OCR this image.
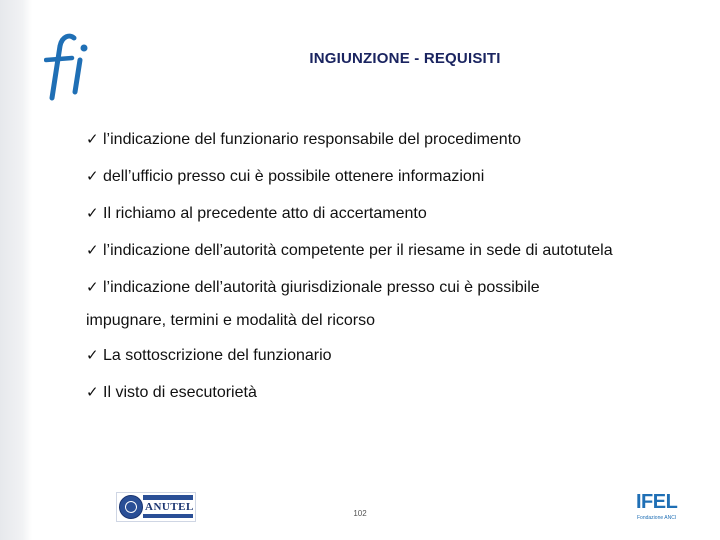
INGIUNZIONE - REQUISITI
✓ l’indicazione del funzionario responsabile del procedimento
✓ dell’ufficio presso cui è possibile ottenere informazioni
✓ Il richiamo al precedente atto di accertamento
✓ l’indicazione dell’autorità competente per il riesame in sede di autotutela
✓ l’indicazione dell’autorità giurisdizionale presso cui è possibile
impugnare, termini e modalità del ricorso
✓ La sottoscrizione del funzionario
✓ Il visto di esecutorietà
ANUTEL
102
IFEL
Fondazione ANCI
